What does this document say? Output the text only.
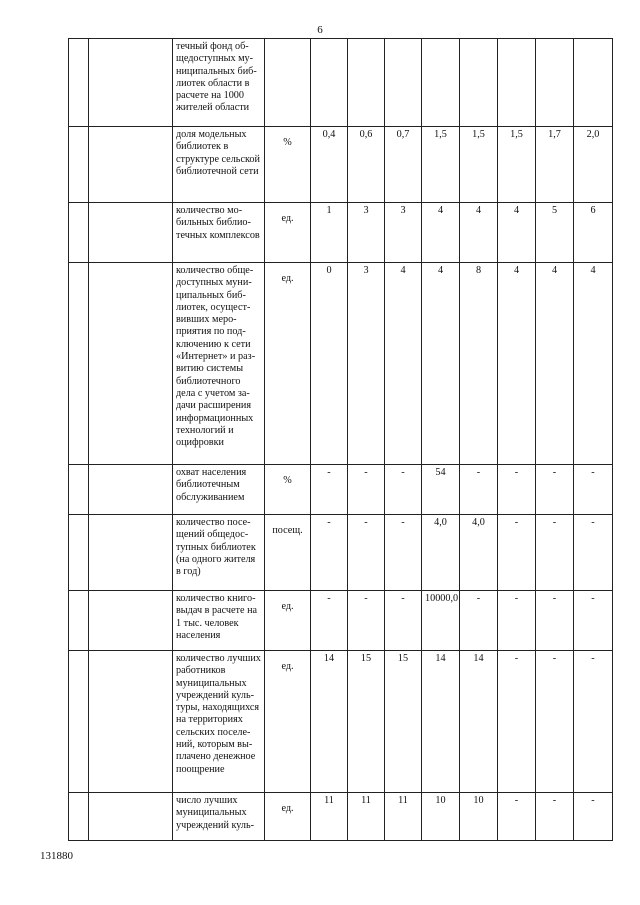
6
		течный фонд общедоступных муниципальных библиотек области в расчете на 1000 жителей области									
		доля модельных библиотек в структуре сельской библиотечной сети	%	0,4	0,6	0,7	1,5	1,5	1,5	1,7	2,0
		количество мобильных библиотечных комплексов	ед.	1	3	3	4	4	4	5	6
		количество общедоступных муниципальных библиотек, осуществивших мероприятия по подключению к сети «Интернет» и развитию системы библиотечного дела с учетом задачи расширения информационных технологий и оцифровки	ед.	0	3	4	4	8	4	4	4
		охват населения библиотечным обслуживанием	%	-	-	-	54	-	-	-	-
		количество посещений общедоступных библиотек (на одного жителя в год)	посещ.	-	-	-	4,0	4,0	-	-	-
		количество книговыдач в расчете на 1 тыс. человек населения	ед.	-	-	-	10000,0	-	-	-	-
		количество лучших работников муниципальных учреждений культуры, находящихся на территориях сельских поселений, которым выплачено денежное поощрение	ед.	14	15	15	14	14	-	-	-
		число лучших муниципальных учреждений куль-	ед.	11	11	11	10	10	-	-	-
131880
